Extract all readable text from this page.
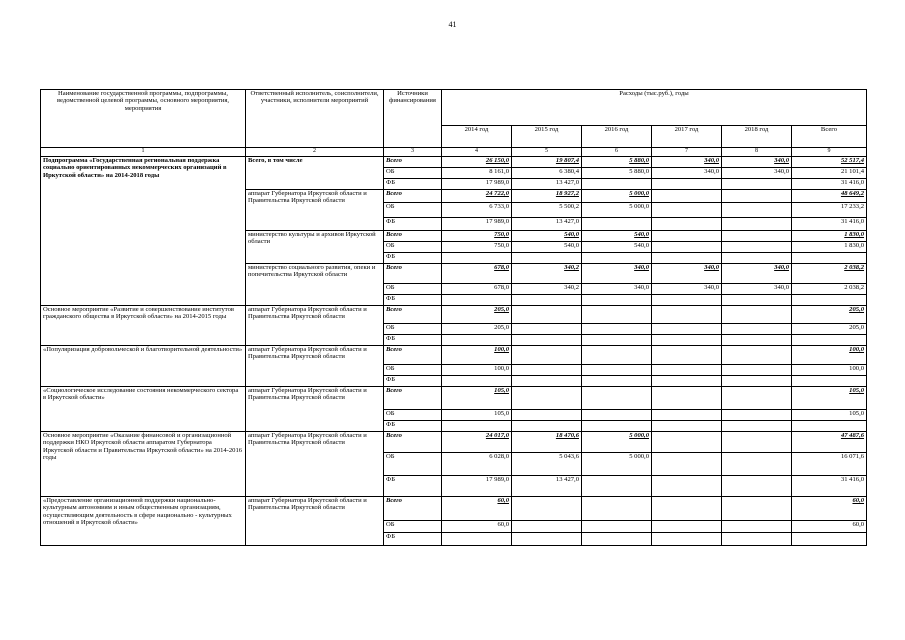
41
Наименование государственной программы, подпрограммы, ведомственной целевой программы, основного мероприятия, мероприятия	Ответственный исполнитель, соисполнители, участники, исполнители мероприятий	Источники финансирования	Расходы (тыс.руб.), годы					
			2014 год	2015 год	2016 год	2017 год	2018 год	Всего
1	2	3	4	5	6	7	8	9
Подпрограмма «Государственная региональная поддержка социально ориентированных некоммерческих организаций в Иркутской области» на 2014-2018 годы	Всего, в том числе	Всего	26 150,0	19 807,4	5 880,0	340,0	340,0	52 517,4
		ОБ	8 161,0	6 380,4	5 880,0	340,0	340,0	21 101,4
		ФБ	17 989,0	13 427,0				31 416,0
	аппарат Губернатора Иркутской области и Правительства Иркутской области	Всего	24 722,0	18 927,2	5 000,0			48 649,2
		ОБ	6 733,0	5 500,2	5 000,0			17 233,2
		ФБ	17 989,0	13 427,0				31 416,0
	министерство культуры и архивов Иркутской области	Всего	750,0	540,0	540,0			1 830,0
		ОБ	750,0	540,0	540,0			1 830,0
		ФБ						
	министерство социального развития, опеки и попечительства Иркутской области	Всего	678,0	340,2	340,0	340,0	340,0	2 038,2
		ОБ	678,0	340,2	340,0	340,0	340,0	2 038,2
		ФБ						
Основное мероприятие «Развитие и совершенствование институтов гражданского общества в Иркутской области» на 2014-2015 годы	аппарат Губернатора Иркутской области и Правительства Иркутской области	Всего	205,0					205,0
		ОБ	205,0					205,0
		ФБ						
«Популяризация добровольческой и благотворительной деятельности»	аппарат Губернатора Иркутской области и Правительства Иркутской области	Всего	100,0					100,0
		ОБ	100,0					100,0
		ФБ						
«Социологическое исследование состояния некоммерческого сектора в Иркутской области»	аппарат Губернатора Иркутской области и Правительства Иркутской области	Всего	105,0					105,0
		ОБ	105,0					105,0
		ФБ						
Основное мероприятие «Оказание финансовой и организационной поддержки НКО Иркутской области аппаратом Губернатора Иркутской области и Правительства Иркутской области» на 2014-2016 годы	аппарат Губернатора Иркутской области и Правительства Иркутской области	Всего	24 017,0	18 470,6	5 000,0			47 487,6
		ОБ	6 028,0	5 043,6	5 000,0			16 071,6
		ФБ	17 989,0	13 427,0				31 416,0
«Предоставление организационной поддержки национально-культурным автономиям и иным общественным организациям, осуществляющим деятельность в сфере национально - культурных отношений в Иркутской области»	аппарат Губернатора Иркутской области и Правительства Иркутской области	Всего	60,0					60,0
		ОБ	60,0					60,0
		ФБ						
